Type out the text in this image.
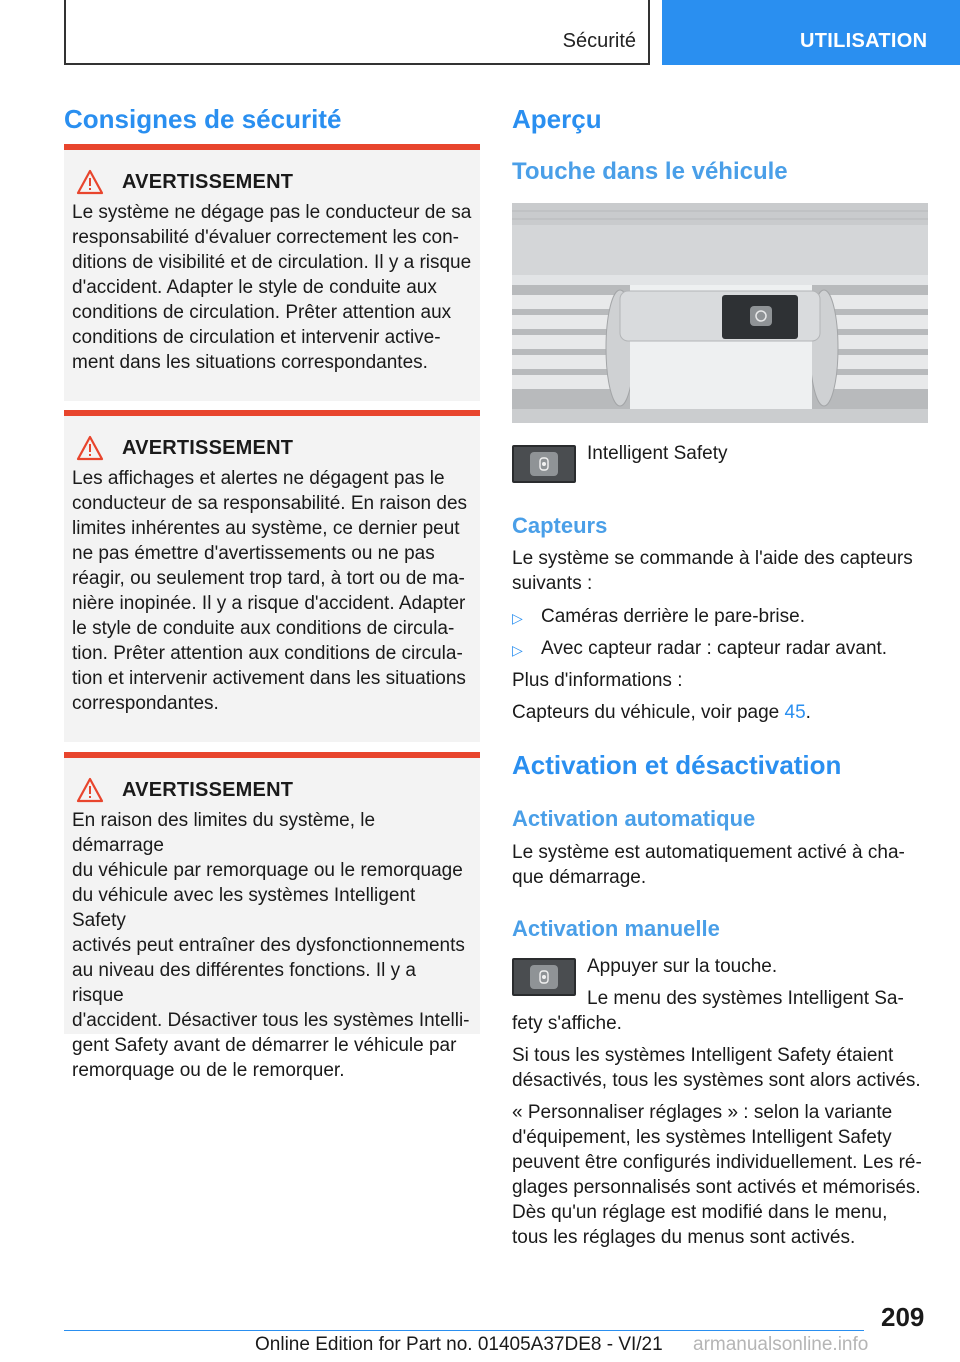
Sécurité	UTILISATION
Consignes de sécurité
AVERTISSEMENT
Le système ne dégage pas le conducteur de sa
responsabilité d'évaluer correctement les con‐
ditions de visibilité et de circulation. Il y a risque
d'accident. Adapter le style de conduite aux
conditions de circulation. Prêter attention aux
conditions de circulation et intervenir active‐
ment dans les situations correspondantes.
AVERTISSEMENT
Les affichages et alertes ne dégagent pas le
conducteur de sa responsabilité. En raison des
limites inhérentes au système, ce dernier peut
ne pas émettre d'avertissements ou ne pas
réagir, ou seulement trop tard, à tort ou de ma‐
nière inopinée. Il y a risque d'accident. Adapter
le style de conduite aux conditions de circula‐
tion. Prêter attention aux conditions de circula‐
tion et intervenir activement dans les situations
correspondantes.
AVERTISSEMENT
En raison des limites du système, le démarrage
du véhicule par remorquage ou le remorquage
du véhicule avec les systèmes Intelligent Safety
activés peut entraîner des dysfonctionnements
au niveau des différentes fonctions. Il y a risque
d'accident. Désactiver tous les systèmes Intelli‐
gent Safety avant de démarrer le véhicule par
remorquage ou de le remorquer.
Aperçu
Touche dans le véhicule
Intelligent Safety
Capteurs

Le système se commande à l'aide des capteurs

suivants :

▷ Caméras derrière le pare-brise.
▷ Avec capteur radar : capteur radar avant.

Plus d'informations :

Capteurs du véhicule, voir page 45.

Activation et désactivation
Activation automatique

Le système est automatiquement activé à cha‐

que démarrage.

Activation manuelle

Appuyer sur la touche.

Le menu des systèmes Intelligent Sa‐

fety s'affiche.

Si tous les systèmes Intelligent Safety étaient

désactivés, tous les systèmes sont alors activés.

« Personnaliser réglages » : selon la variante

d'équipement, les systèmes Intelligent Safety

peuvent être configurés individuellement. Les ré‐

glages personnalisés sont activés et mémorisés.

Dès qu'un réglage est modifié dans le menu,

tous les réglages du menus sont activés.

209
Online Edition for Part no. 01405A37DE8 - VI/21 armanualsonline.info
